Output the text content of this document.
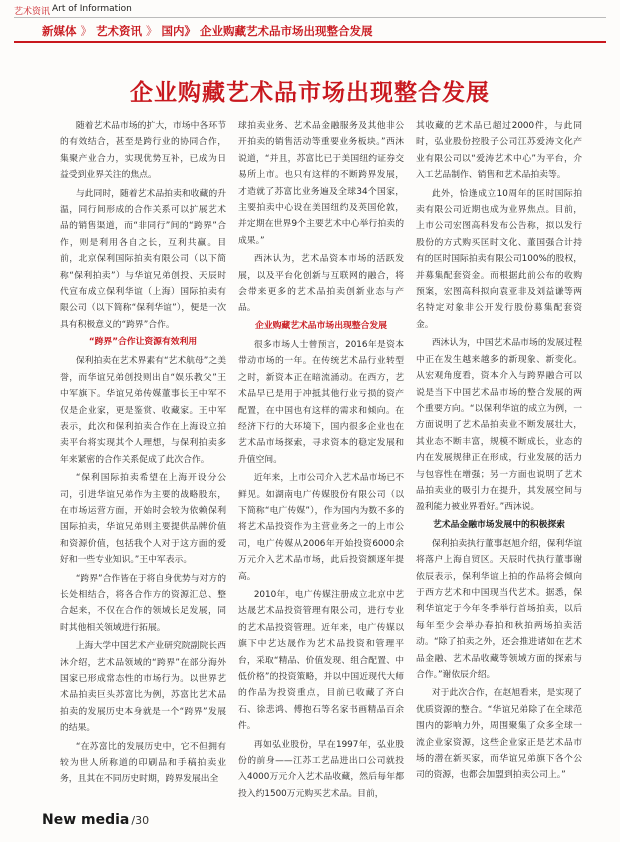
艺术资讯 Art of Information
新媒体 》 艺术资讯 》 国内》 企业购藏艺术品市场出现整合发展
企业购藏艺术品市场出现整合发展

随着艺术品市场的扩大，市场中各环节的有效结合，甚至是跨行业的协同合作，集聚产业合力，实现优势互补，已成为日益受到业界关注的焦点。

与此同时，随着艺术品拍卖和收藏的升温，同行间形成的合作关系可以扩展艺术品的销售渠道，而“非同行”间的“跨界”合作，则是利用各自之长，互利共赢。目前，北京保利国际拍卖有限公司（以下简称“保利拍卖”）与华谊兄弟创投、天辰时代宣布成立保利华谊（上海）国际拍卖有限公司（以下简称“保利华谊”），便是一次具有积极意义的“跨界”合作。

“跨界”合作让资源有效利用

保利拍卖在艺术界素有“艺术航母”之美誉，而华谊兄弟创投则出自“娱乐教父”王中军旗下。华谊兄弟传媒董事长王中军不仅是企业家，更是鉴赏、收藏家。王中军表示，此次和保利拍卖合作在上海设立拍卖平台将实现其个人理想，与保利拍卖多年来紧密的合作关系促成了此次合作。

“保利国际拍卖希望在上海开设分公司，引进华谊兄弟作为主要的战略股东，在市场运营方面，开始时会较为依赖保利国际拍卖，华谊兄弟则主要提供品牌价值和资源价值，包括我个人对于这方面的爱好和一些专业知识。”王中军表示。

“跨界”合作皆在于将自身优势与对方的长处相结合，将各合作方的资源汇总、整合起来，不仅在合作的领域长足发展，同时其他相关领域进行拓展。

上海大学中国艺术产业研究院副院长西沐介绍，艺术品领域的“跨界”在部分海外国家已形成常态性的市场行为。以世界艺术品拍卖巨头苏富比为例，苏富比艺术品拍卖的发展历史本身就是一个“跨界”发展的结果。

“在苏富比的发展历史中，它不但拥有较为世人所称道的印刷品和手稿拍卖业务，且其在不同历史时期，跨界发展出全

球拍卖业务、艺术品金融服务及其他非公开拍卖的销售活动等重要业务板块。”西沐说道，“并且，苏富比已于美国纽约证券交易所上市。也只有这样的不断跨界发展，才造就了苏富比业务遍及全球34个国家，主要拍卖中心设在美国纽约及英国伦敦，并定期在世界9个主要艺术中心举行拍卖的成果。”

西沐认为，艺术品资本市场的活跃发展，以及平台化创新与互联网的融合，将会带来更多的艺术品拍卖创新业态与产品。

企业购藏艺术品市场出现整合发展

很多市场人士曾预言，2016年是资本带动市场的一年。在传统艺术品行业转型之时，新资本正在暗流涌动。在西方，艺术品早已是用于冲抵其他行业亏损的资产配置，在中国也有这样的需求和倾向。在经济下行的大环境下，国内很多企业也在艺术品市场探索，寻求资本的稳定发展和升值空间。

近年来，上市公司介入艺术品市场已不鲜见。如湖南电广传媒股份有限公司（以下简称“电广传媒”），作为国内为数不多的将艺术品投资作为主营业务之一的上市公司，电广传媒从2006年开始投资6000余万元介入艺术品市场，此后投资额逐年提高。

2010年，电广传媒注册成立北京中艺达晟艺术品投资管理有限公司，进行专业的艺术品投资管理。近年来，电广传媒以旗下中艺达晟作为艺术品投资和管理平台，采取“精品、价值发现、组合配置、中低价格”的投资策略，并以中国近现代大师的作品为投资重点，目前已收藏了齐白石、徐悲鸿、傅抱石等名家书画精品百余件。

再如弘业股份，早在1997年，弘业股份的前身——江苏工艺品进出口公司就投入4000万元介入艺术品收藏，然后每年都投入约1500万元购买艺术品。目前，

其收藏的艺术品已超过2000件，与此同时，弘业股份控股子公司江苏爱涛文化产业有限公司以“爱涛艺术中心”为平台，介入工艺品制作、销售和艺术品拍卖等。

此外，恰逢成立10周年的匡时国际拍卖有限公司近期也成为业界焦点。目前，上市公司宏图高科发布公告称，拟以发行股份的方式购买匡时文化、董国强合计持有的匡时国际拍卖有限公司100%的股权，并募集配套资金。而根据此前公布的收购预案，宏图高科拟向袁亚非及刘益谦等两名特定对象非公开发行股份募集配套资金。

西沐认为，中国艺术品市场的发展过程中正在发生越来越多的新现象、新变化。从宏观角度看，资本介入与跨界融合可以说是当下中国艺术品市场的整合发展的两个重要方向。“以保利华谊的成立为例，一方面说明了艺术品拍卖业不断发展壮大，其业态不断丰富，规模不断成长，业态的内在发展规律正在形成，行业发展的活力与包容性在增强；另一方面也说明了艺术品拍卖业的吸引力在提升，其发展空间与盈利能力被业界看好。”西沐说。

艺术品金融市场发展中的积极探索

保利拍卖执行董事赵旭介绍，保利华谊将落户上海自贸区。天辰时代执行董事谢依辰表示，保利华谊上拍的作品将会倾向于西方艺术和中国现当代艺术。据悉，保利华谊定于今年冬季举行首场拍卖，以后每年至少会举办春拍和秋拍两场拍卖活动。“除了拍卖之外，还会推进诸如在艺术品金融、艺术品收藏等领域方面的探索与合作。”谢依辰介绍。

对于此次合作，在赵旭看来，是实现了优质资源的整合。“华谊兄弟除了在全球范围内的影响力外，周围聚集了众多全球一流企业家资源，这些企业家正是艺术品市场的潜在新买家，而华谊兄弟旗下各个公司的资源，也都会加盟到拍卖公司上。”

New media /30
